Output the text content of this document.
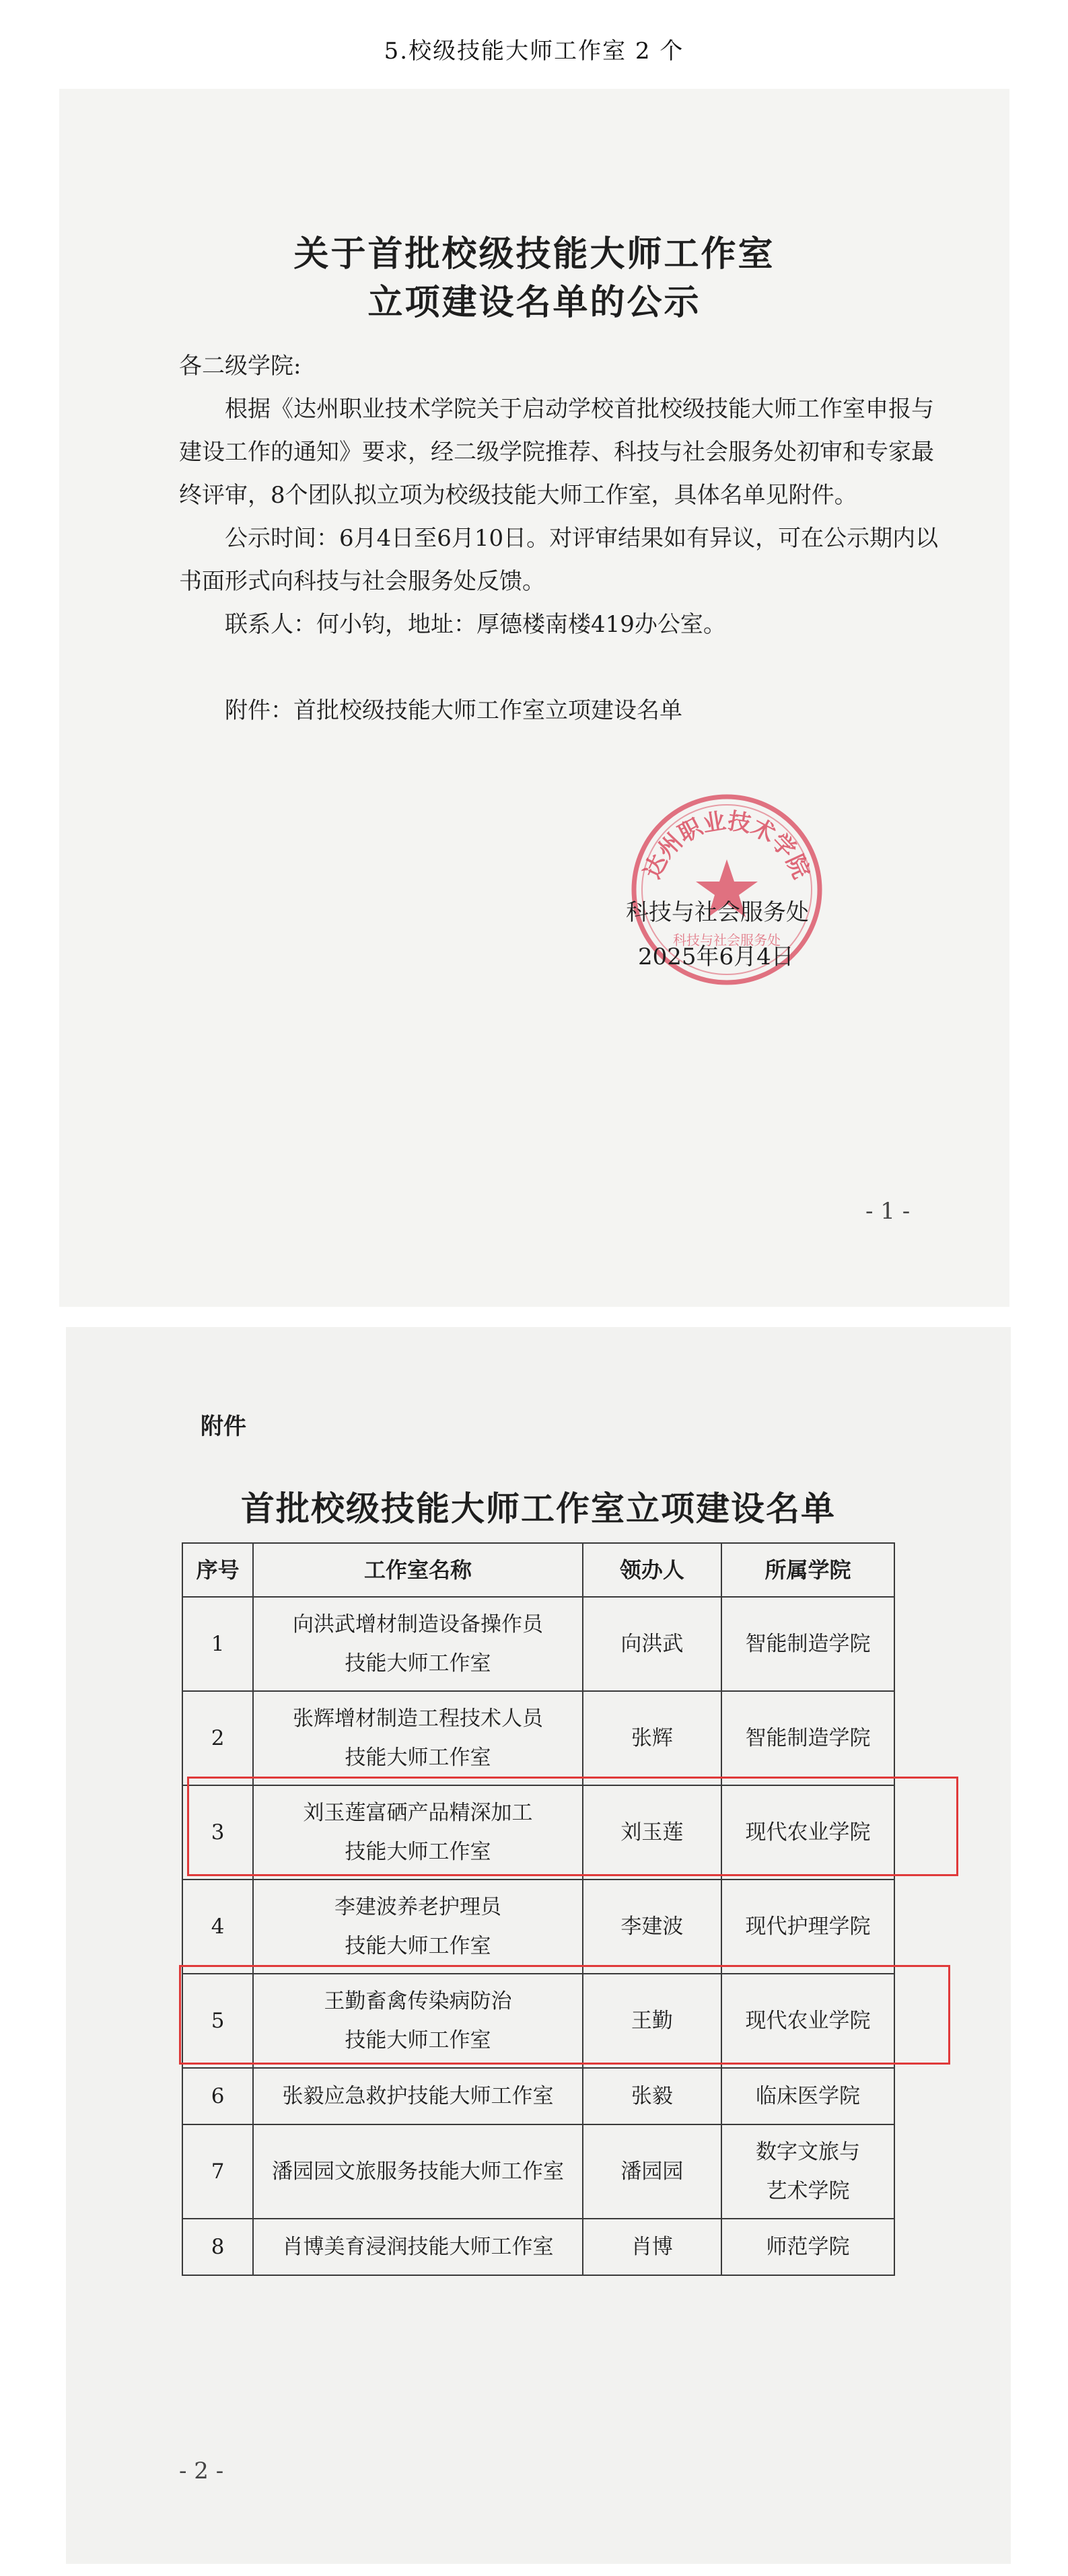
5.校级技能大师工作室 2 个
关于首批校级技能大师工作室
立项建设名单的公示

各二级学院:

根据《达州职业技术学院关于启动学校首批校级技能大师工作室申报与建设工作的通知》要求，经二级学院推荐、科技与社会服务处初审和专家最终评审，8个团队拟立项为校级技能大师工作室，具体名单见附件。

公示时间：6月4日至6月10日。对评审结果如有异议，可在公示期内以书面形式向科技与社会服务处反馈。

联系人：何小钧，地址：厚德楼南楼419办公室。

附件：首批校级技能大师工作室立项建设名单

达州职业技术学院
科技与社会服务处
科技与社会服务处
2025年6月4日
- 1 -
附件
首批校级技能大师工作室立项建设名单
序号	工作室名称	领办人	所属学院
1	向洪武增材制造设备操作员
技能大师工作室	向洪武	智能制造学院

2	张辉增材制造工程技术人员
技能大师工作室	张辉	智能制造学院

3	刘玉莲富硒产品精深加工
技能大师工作室	刘玉莲	现代农业学院

4	李建波养老护理员
技能大师工作室	李建波	现代护理学院

5	王勤畜禽传染病防治
技能大师工作室	王勤	现代农业学院

6	张毅应急救护技能大师工作室	张毅	临床医学院

7	潘园园文旅服务技能大师工作室	潘园园	数字文旅与
艺术学院

8	肖博美育浸润技能大师工作室	肖博	师范学院
- 2 -
